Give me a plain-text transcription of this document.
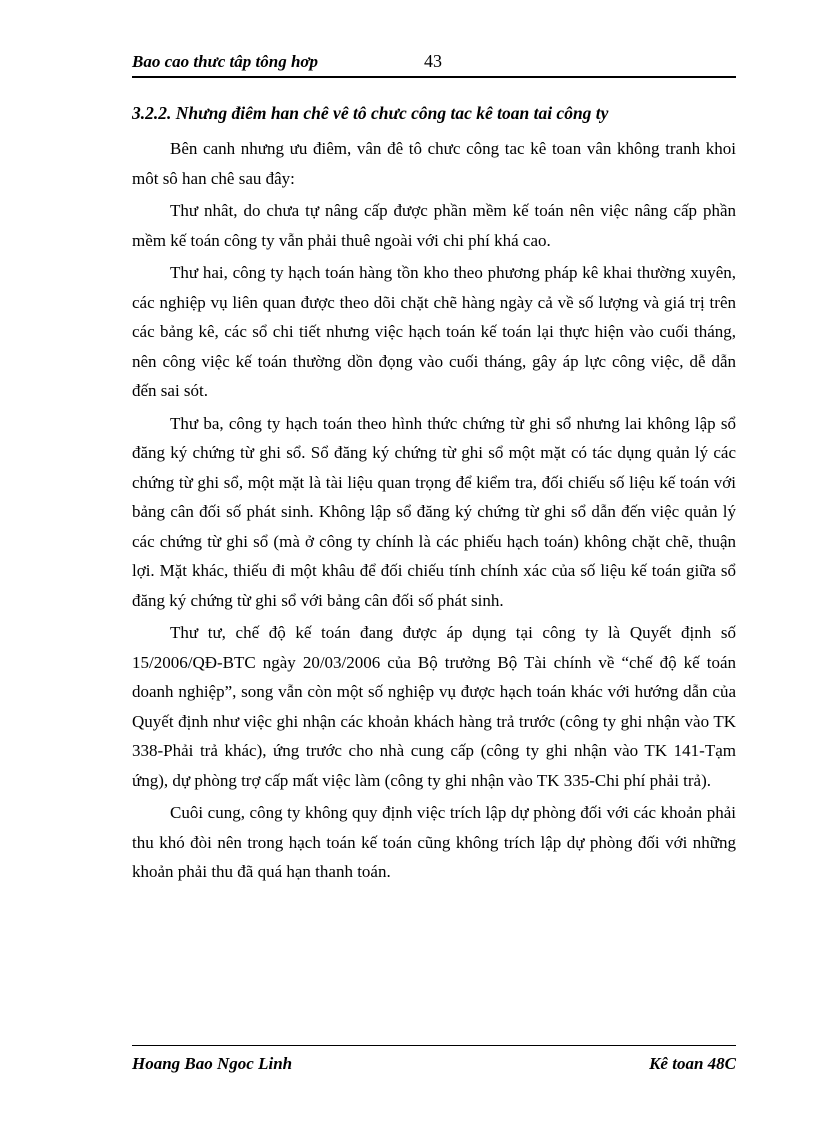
Bao cao thưc tâp tông hơp	43
3.2.2. Nhưng điêm han chê vê tô chưc công tac kê toan tai công ty

Bên canh nhưng ưu điêm, vân đê tô chưc công tac kê toan vân không tranh khoi môt sô han chê sau đây:

Thư nhât, do chưa tự nâng cấp được phần mềm kế toán nên việc nâng cấp phần mềm kế toán công ty vẫn phải thuê ngoài với chi phí khá cao.

Thư hai, công ty hạch toán hàng tồn kho theo phương pháp kê khai thường xuyên, các nghiệp vụ liên quan được theo dõi chặt chẽ hàng ngày cả về số lượng và giá trị trên các bảng kê, các sổ chi tiết nhưng việc hạch toán kế toán lại thực hiện vào cuối tháng, nên công việc kế toán thường dồn đọng vào cuối tháng, gây áp lực công việc, dễ dẫn đến sai sót.

Thư ba, công ty hạch toán theo hình thức chứng từ ghi sổ nhưng lai không lập sổ đăng ký chứng từ ghi sổ. Sổ đăng ký chứng từ ghi sổ một mặt có tác dụng quản lý các chứng từ ghi sổ, một mặt là tài liệu quan trọng để kiểm tra, đối chiếu số liệu kế toán với bảng cân đối số phát sinh. Không lập sổ đăng ký chứng từ ghi sổ dẫn đến việc quản lý các chứng từ ghi sổ (mà ở công ty chính là các phiếu hạch toán) không chặt chẽ, thuận lợi. Mặt khác, thiếu đi một khâu để đối chiếu tính chính xác của số liệu kế toán giữa sổ đăng ký chứng từ ghi sổ với bảng cân đối số phát sinh.

Thư tư, chế độ kế toán đang được áp dụng tại công ty là Quyết định số 15/2006/QĐ-BTC ngày 20/03/2006 của Bộ trưởng Bộ Tài chính về “chế độ kế toán doanh nghiệp”, song vẫn còn một số nghiệp vụ được hạch toán khác với hướng dẫn của Quyết định như việc ghi nhận các khoản khách hàng trả trước (công ty ghi nhận vào TK 338-Phải trả khác), ứng trước cho nhà cung cấp (công ty ghi nhận vào TK 141-Tạm ứng), dự phòng trợ cấp mất việc làm (công ty ghi nhận vào TK 335-Chi phí phải trả).

Cuôi cung, công ty không quy định việc trích lập dự phòng đối với các khoản phải thu khó đòi nên trong hạch toán kế toán cũng không trích lập dự phòng đối với những khoản phải thu đã quá hạn thanh toán.

Hoang Bao Ngoc Linh	Kê toan 48C
